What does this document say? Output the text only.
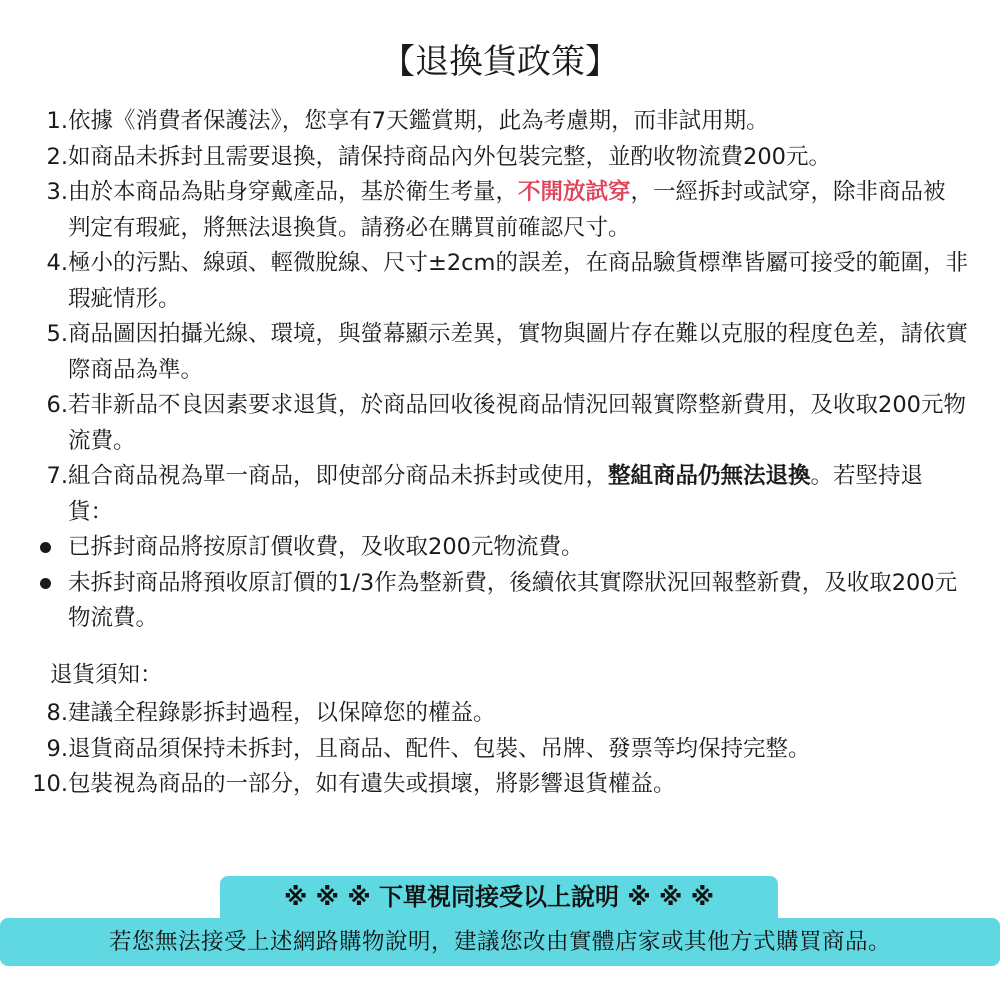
【退換貨政策】
1. 依據《消費者保護法》，您享有7天鑑賞期，此為考慮期，而非試用期。
2. 如商品未拆封且需要退換，請保持商品內外包裝完整，並酌收物流費200元。
3. 由於本商品為貼身穿戴產品，基於衛生考量，不開放試穿，一經拆封或試穿，除非商品被判定有瑕疵，將無法退換貨。請務必在購買前確認尺寸。
4. 極小的污點、線頭、輕微脫線、尺寸±2cm的誤差，在商品驗貨標準皆屬可接受的範圍，非瑕疵情形。
5. 商品圖因拍攝光線、環境，與螢幕顯示差異，實物與圖片存在難以克服的程度色差，請依實際商品為準。
6. 若非新品不良因素要求退貨，於商品回收後視商品情況回報實際整新費用，及收取200元物流費。
7. 組合商品視為單一商品，即使部分商品未拆封或使用，整組商品仍無法退換。若堅持退貨：
已拆封商品將按原訂價收費，及收取200元物流費。
未拆封商品將預收原訂價的1/3作為整新費，後續依其實際狀況回報整新費，及收取200元物流費。
退貨須知：
8. 建議全程錄影拆封過程，以保障您的權益。
9. 退貨商品須保持未拆封，且商品、配件、包裝、吊牌、發票等均保持完整。
10. 包裝視為商品的一部分，如有遺失或損壞，將影響退貨權益。
※ ※ ※ 下單視同接受以上說明 ※ ※ ※
若您無法接受上述網路購物說明，建議您改由實體店家或其他方式購買商品。
